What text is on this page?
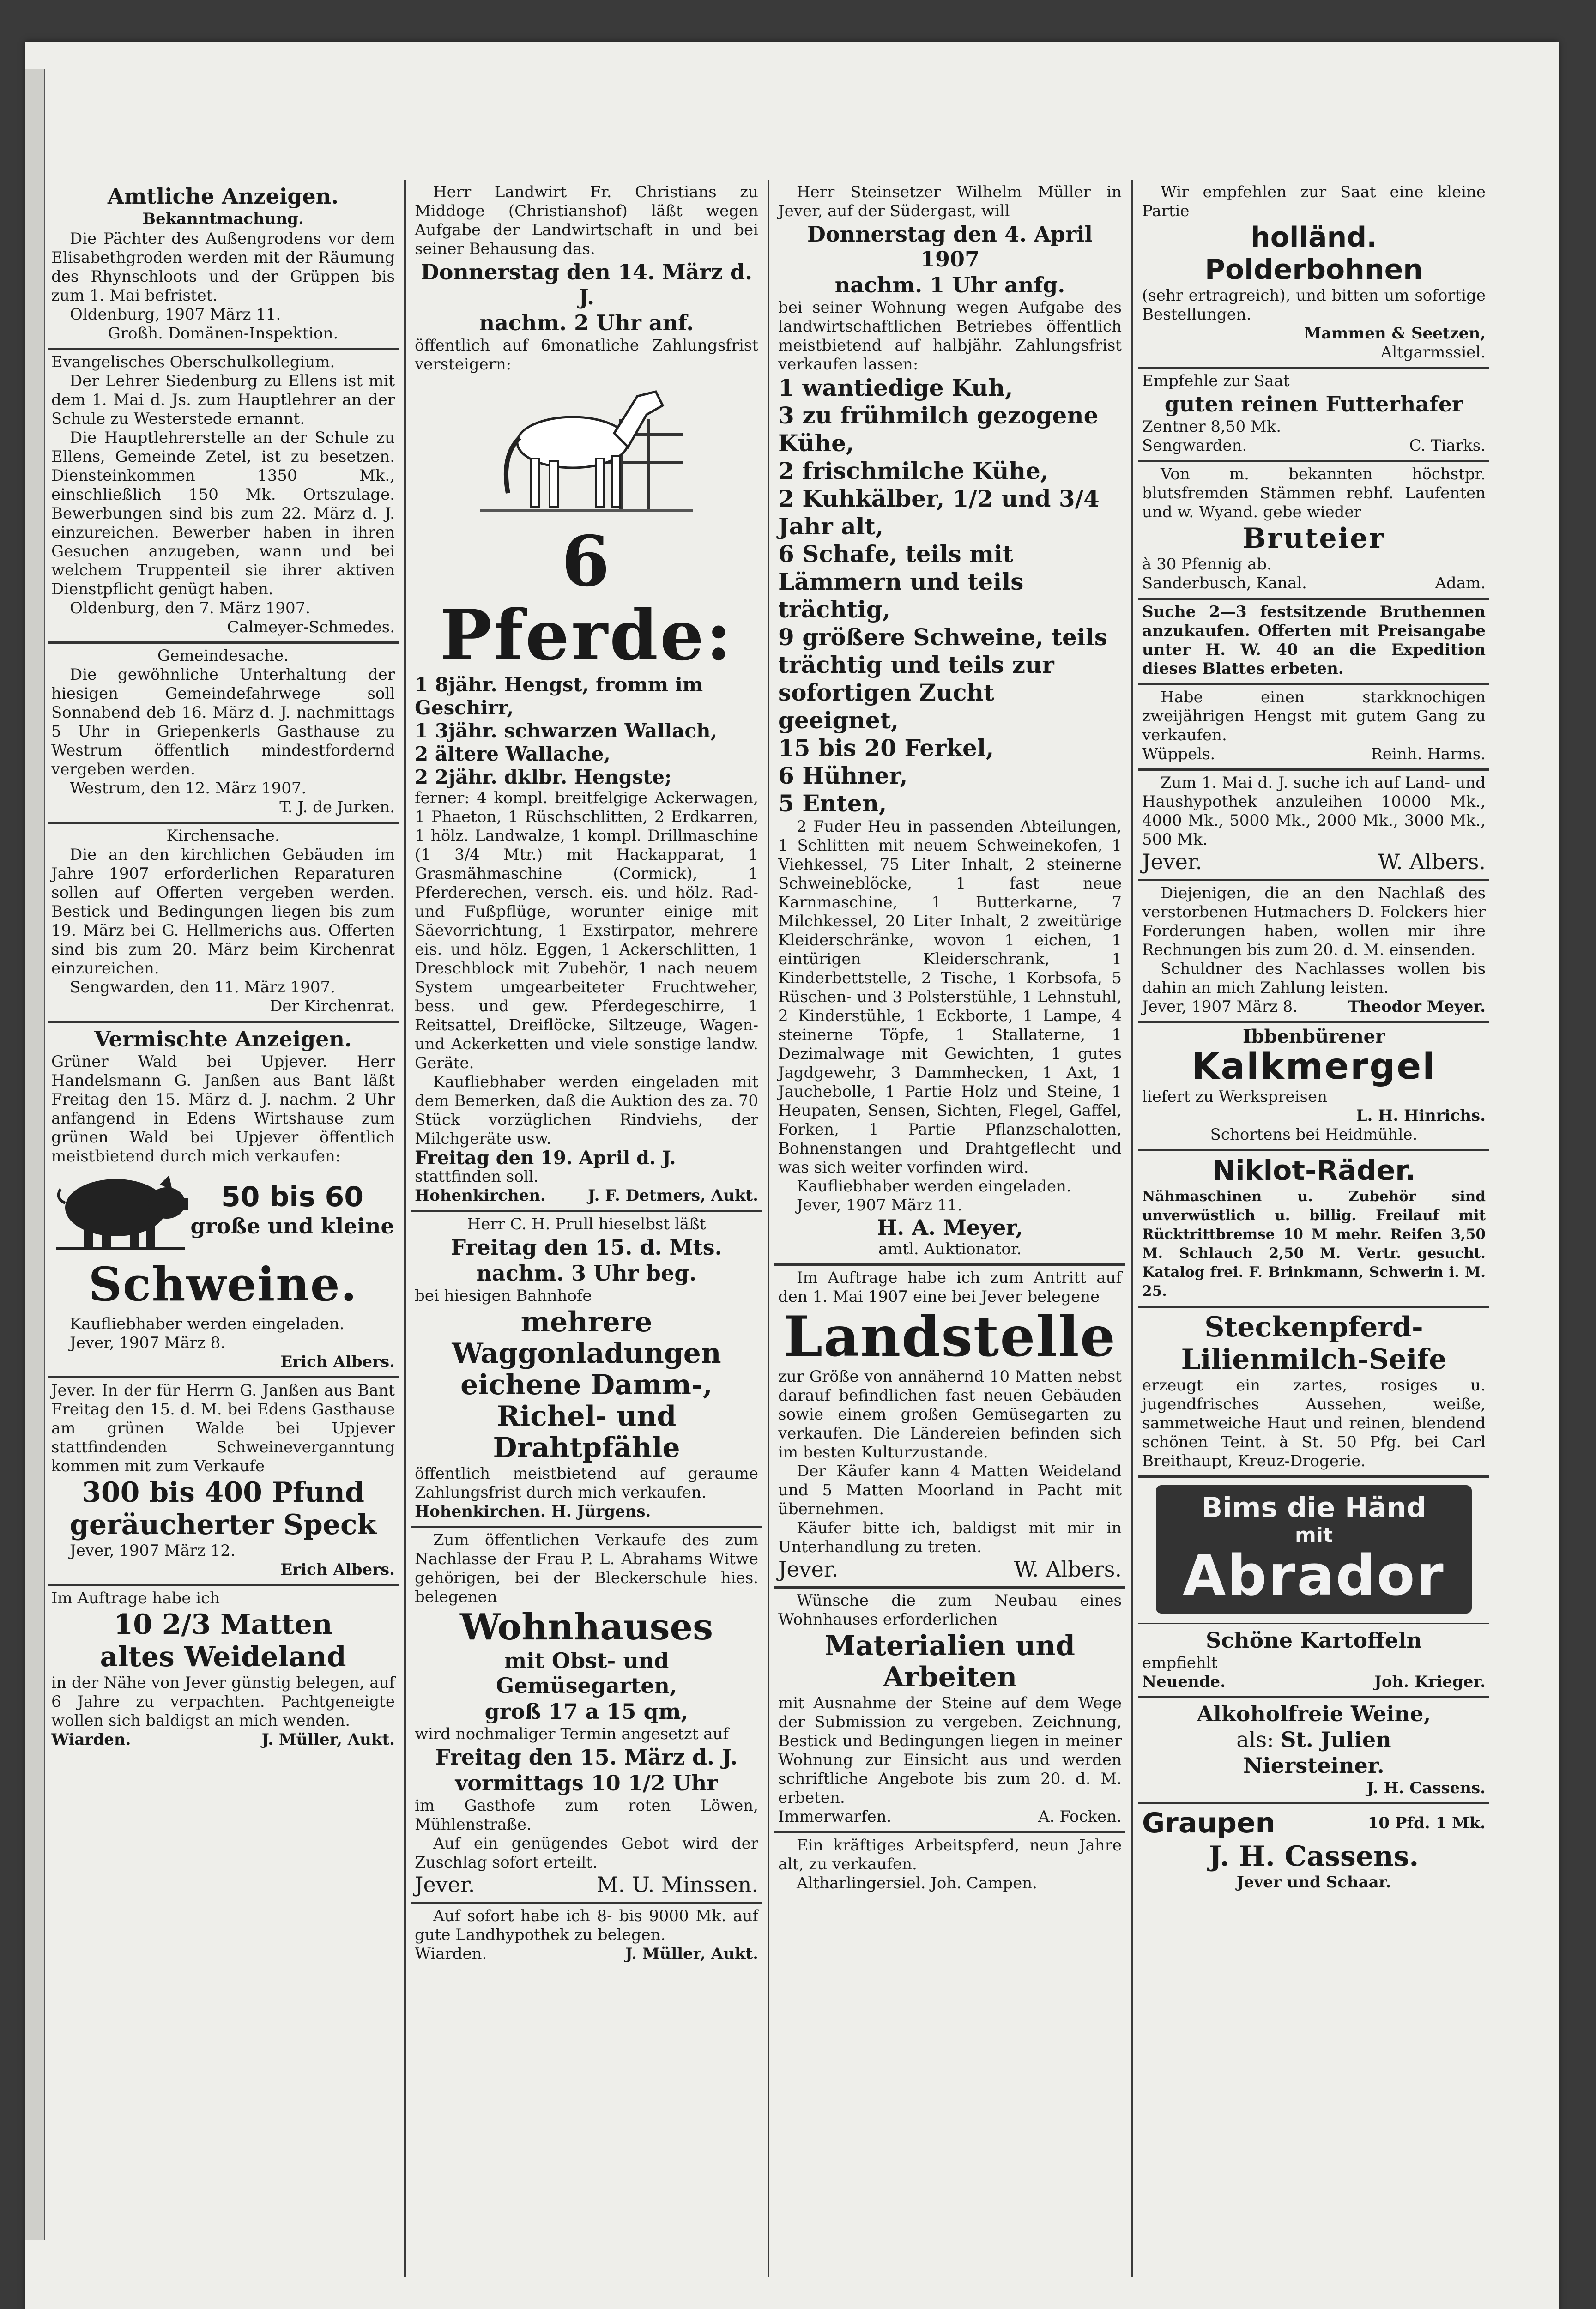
Amtliche Anzeigen.

Bekanntmachung.

Die Pächter des Außengrodens vor dem Elisabethgroden werden mit der Räumung des Rhynschloots und der Grüppen bis zum 1. Mai befristet.

Oldenburg, 1907 März 11.

Großh. Domänen-Inspektion.

Evangelisches Oberschulkollegium.

Der Lehrer Siedenburg zu Ellens ist mit dem 1. Mai d. Js. zum Hauptlehrer an der Schule zu Westerstede ernannt.

Die Hauptlehrerstelle an der Schule zu Ellens, Gemeinde Zetel, ist zu besetzen. Diensteinkommen 1350 Mk., einschließlich 150 Mk. Ortszulage. Bewerbungen sind bis zum 22. März d. J. einzureichen. Bewerber haben in ihren Gesuchen anzugeben, wann und bei welchem Truppenteil sie ihrer aktiven Dienstpflicht genügt haben.

Oldenburg, den 7. März 1907.

Calmeyer-Schmedes.

Gemeindesache.

Die gewöhnliche Unterhaltung der hiesigen Gemeindefahrwege soll Sonnabend deb 16. März d. J. nachmittags 5 Uhr in Griepenkerls Gasthause zu Westrum öffentlich mindestfordernd vergeben werden.

Westrum, den 12. März 1907.

T. J. de Jurken.

Kirchensache.

Die an den kirchlichen Gebäuden im Jahre 1907 erforderlichen Reparaturen sollen auf Offerten vergeben werden. Bestick und Bedingungen liegen bis zum 19. März bei G. Hellmerichs aus. Offerten sind bis zum 20. März beim Kirchenrat einzureichen.

Sengwarden, den 11. März 1907.

Der Kirchenrat.

Vermischte Anzeigen.

Grüner Wald bei Upjever. Herr Handelsmann G. Janßen aus Bant läßt Freitag den 15. März d. J. nachm. 2 Uhr anfangend in Edens Wirtshause zum grünen Wald bei Upjever öffentlich meistbietend durch mich verkaufen:

50 bis 60

große und kleine

Schweine.

Kaufliebhaber werden eingeladen.

Jever, 1907 März 8.

Erich Albers.

Jever. In der für Herrn G. Janßen aus Bant Freitag den 15. d. M. bei Edens Gasthause am grünen Walde bei Upjever stattfindenden Schweineverganntung kommen mit zum Verkaufe

300 bis 400 Pfund

geräucherter Speck

Jever, 1907 März 12.

Erich Albers.

Im Auftrage habe ich

10 2/3 Matten

altes Weideland

in der Nähe von Jever günstig belegen, auf 6 Jahre zu verpachten. Pachtgeneigte wollen sich baldigst an mich wenden.

Wiarden.	J. Müller, Aukt.

Herr Landwirt Fr. Christians zu Middoge (Christianshof) läßt wegen Aufgabe der Landwirtschaft in und bei seiner Behausung das.

Donnerstag den 14. März d. J.

nachm. 2 Uhr anf.

öffentlich auf 6monatliche Zahlungsfrist versteigern:

6 Pferde:

1 8jähr. Hengst, fromm im Geschirr,
1 3jähr. schwarzen Wallach,
2 ältere Wallache,
2 2jähr. dklbr. Hengste;

ferner: 4 kompl. breitfelgige Ackerwagen, 1 Phaeton, 1 Rüschschlitten, 2 Erdkarren, 1 hölz. Landwalze, 1 kompl. Drillmaschine (1 3/4 Mtr.) mit Hackapparat, 1 Grasmähmaschine (Cormick), 1 Pferderechen, versch. eis. und hölz. Rad- und Fußpflüge, worunter einige mit Säevorrichtung, 1 Exstirpator, mehrere eis. und hölz. Eggen, 1 Ackerschlitten, 1 Dreschblock mit Zubehör, 1 nach neuem System umgearbeiteter Fruchtweher, bess. und gew. Pferdegeschirre, 1 Reitsattel, Dreiflöcke, Siltzeuge, Wagen- und Ackerketten und viele sonstige landw. Geräte.

Kaufliebhaber werden eingeladen mit dem Bemerken, daß die Auktion des za. 70 Stück vorzüglichen Rindviehs, der Milchgeräte usw.

Freitag den 19. April d. J.

stattfinden soll.

Hohenkirchen.	J. F. Detmers, Aukt.

Herr C. H. Prull hieselbst läßt

Freitag den 15. d. Mts.

nachm. 3 Uhr beg.

bei hiesigen Bahnhofe

mehrere Waggonladungen eichene Damm-, Richel- und Drahtpfähle

öffentlich meistbietend auf geraume Zahlungsfrist durch mich verkaufen.

Hohenkirchen. H. Jürgens.

Zum öffentlichen Verkaufe des zum Nachlasse der Frau P. L. Abrahams Witwe gehörigen, bei der Bleckerschule hies. belegenen

Wohnhauses

mit Obst- und Gemüsegarten,

groß 17 a 15 qm,

wird nochmaliger Termin angesetzt auf

Freitag den 15. März d. J.

vormittags 10 1/2 Uhr

im Gasthofe zum roten Löwen, Mühlenstraße.

Auf ein genügendes Gebot wird der Zuschlag sofort erteilt.

Jever.	M. U. Minssen.

Auf sofort habe ich 8- bis 9000 Mk. auf gute Landhypothek zu belegen.

Wiarden.	J. Müller, Aukt.

Herr Steinsetzer Wilhelm Müller in Jever, auf der Südergast, will

Donnerstag den 4. April 1907

nachm. 1 Uhr anfg.

bei seiner Wohnung wegen Aufgabe des landwirtschaftlichen Betriebes öffentlich meistbietend auf halbjähr. Zahlungsfrist verkaufen lassen:

1 wantiedige Kuh,
3 zu frühmilch gezogene Kühe,
2 frischmilche Kühe,
2 Kuhkälber, 1/2 und 3/4 Jahr alt,
6 Schafe, teils mit Lämmern und teils trächtig,
9 größere Schweine, teils trächtig und teils zur sofortigen Zucht geeignet,
15 bis 20 Ferkel,
6 Hühner,
5 Enten,

2 Fuder Heu in passenden Abteilungen, 1 Schlitten mit neuem Schweinekofen, 1 Viehkessel, 75 Liter Inhalt, 2 steinerne Schweineblöcke, 1 fast neue Karnmaschine, 1 Butterkarne, 7 Milchkessel, 20 Liter Inhalt, 2 zweitürige Kleiderschränke, wovon 1 eichen, 1 eintürigen Kleiderschrank, 1 Kinderbettstelle, 2 Tische, 1 Korbsofa, 5 Rüschen- und 3 Polsterstühle, 1 Lehnstuhl, 2 Kinderstühle, 1 Eckborte, 1 Lampe, 4 steinerne Töpfe, 1 Stallaterne, 1 Dezimalwage mit Gewichten, 1 gutes Jagdgewehr, 3 Dammhecken, 1 Axt, 1 Jauchebolle, 1 Partie Holz und Steine, 1 Heupaten, Sensen, Sichten, Flegel, Gaffel, Forken, 1 Partie Pflanzschalotten, Bohnenstangen und Drahtgeflecht und was sich weiter vorfinden wird.

Kaufliebhaber werden eingeladen.

Jever, 1907 März 11.

H. A. Meyer,

amtl. Auktionator.

Im Auftrage habe ich zum Antritt auf den 1. Mai 1907 eine bei Jever belegene

Landstelle

zur Größe von annähernd 10 Matten nebst darauf befindlichen fast neuen Gebäuden sowie einem großen Gemüsegarten zu verkaufen. Die Ländereien befinden sich im besten Kulturzustande.

Der Käufer kann 4 Matten Weideland und 5 Matten Moorland in Pacht mit übernehmen.

Käufer bitte ich, baldigst mit mir in Unterhandlung zu treten.

Jever.	W. Albers.

Wünsche die zum Neubau eines Wohnhauses erforderlichen

Materialien und Arbeiten

mit Ausnahme der Steine auf dem Wege der Submission zu vergeben. Zeichnung, Bestick und Bedingungen liegen in meiner Wohnung zur Einsicht aus und werden schriftliche Angebote bis zum 20. d. M. erbeten.

Immerwarfen.	A. Focken.

Ein kräftiges Arbeitspferd, neun Jahre alt, zu verkaufen.

Altharlingersiel. Joh. Campen.

Wir empfehlen zur Saat eine kleine Partie

holländ.

Polderbohnen

(sehr ertragreich), und bitten um sofortige Bestellungen.

Mammen & Seetzen,

Altgarmssiel.

Empfehle zur Saat

guten reinen Futterhafer

Zentner 8,50 Mk.

Sengwarden.	C. Tiarks.

Von m. bekannten höchstpr. blutsfremden Stämmen rebhf. Laufenten und w. Wyand. gebe wieder

Bruteier

à 30 Pfennig ab.

Sanderbusch, Kanal.	Adam.

Suche 2—3 festsitzende Bruthennen anzukaufen. Offerten mit Preisangabe unter H. W. 40 an die Expedition dieses Blattes erbeten.

Habe einen starkknochigen zweijährigen Hengst mit gutem Gang zu verkaufen.

Wüppels.	Reinh. Harms.

Zum 1. Mai d. J. suche ich auf Land- und Haushypothek anzuleihen 10000 Mk., 4000 Mk., 5000 Mk., 2000 Mk., 3000 Mk., 500 Mk.

Jever.	W. Albers.

Diejenigen, die an den Nachlaß des verstorbenen Hutmachers D. Folckers hier Forderungen haben, wollen mir ihre Rechnungen bis zum 20. d. M. einsenden.

Schuldner des Nachlasses wollen bis dahin an mich Zahlung leisten.

Jever, 1907 März 8.	Theodor Meyer.

Ibbenbürener

Kalkmergel

liefert zu Werkspreisen

L. H. Hinrichs.

Schortens bei Heidmühle.

Niklot-Räder.

Nähmaschinen u. Zubehör sind unverwüstlich u. billig. Freilauf mit Rücktrittbremse 10 M mehr. Reifen 3,50 M. Schlauch 2,50 M. Vertr. gesucht. Katalog frei. F. Brinkmann, Schwerin i. M. 25.

Steckenpferd-

Lilienmilch-Seife

erzeugt ein zartes, rosiges u. jugendfrisches Aussehen, weiße, sammetweiche Haut und reinen, blendend schönen Teint. à St. 50 Pfg. bei Carl Breithaupt, Kreuz-Drogerie.

Bims die Händ
mit
Abrador

Schöne Kartoffeln

empfiehlt

Neuende.	Joh. Krieger.

Alkoholfreie Weine,

als: St. Julien

Niersteiner.

J. H. Cassens.

Graupen	10 Pfd. 1 Mk.

J. H. Cassens.

Jever und Schaar.
